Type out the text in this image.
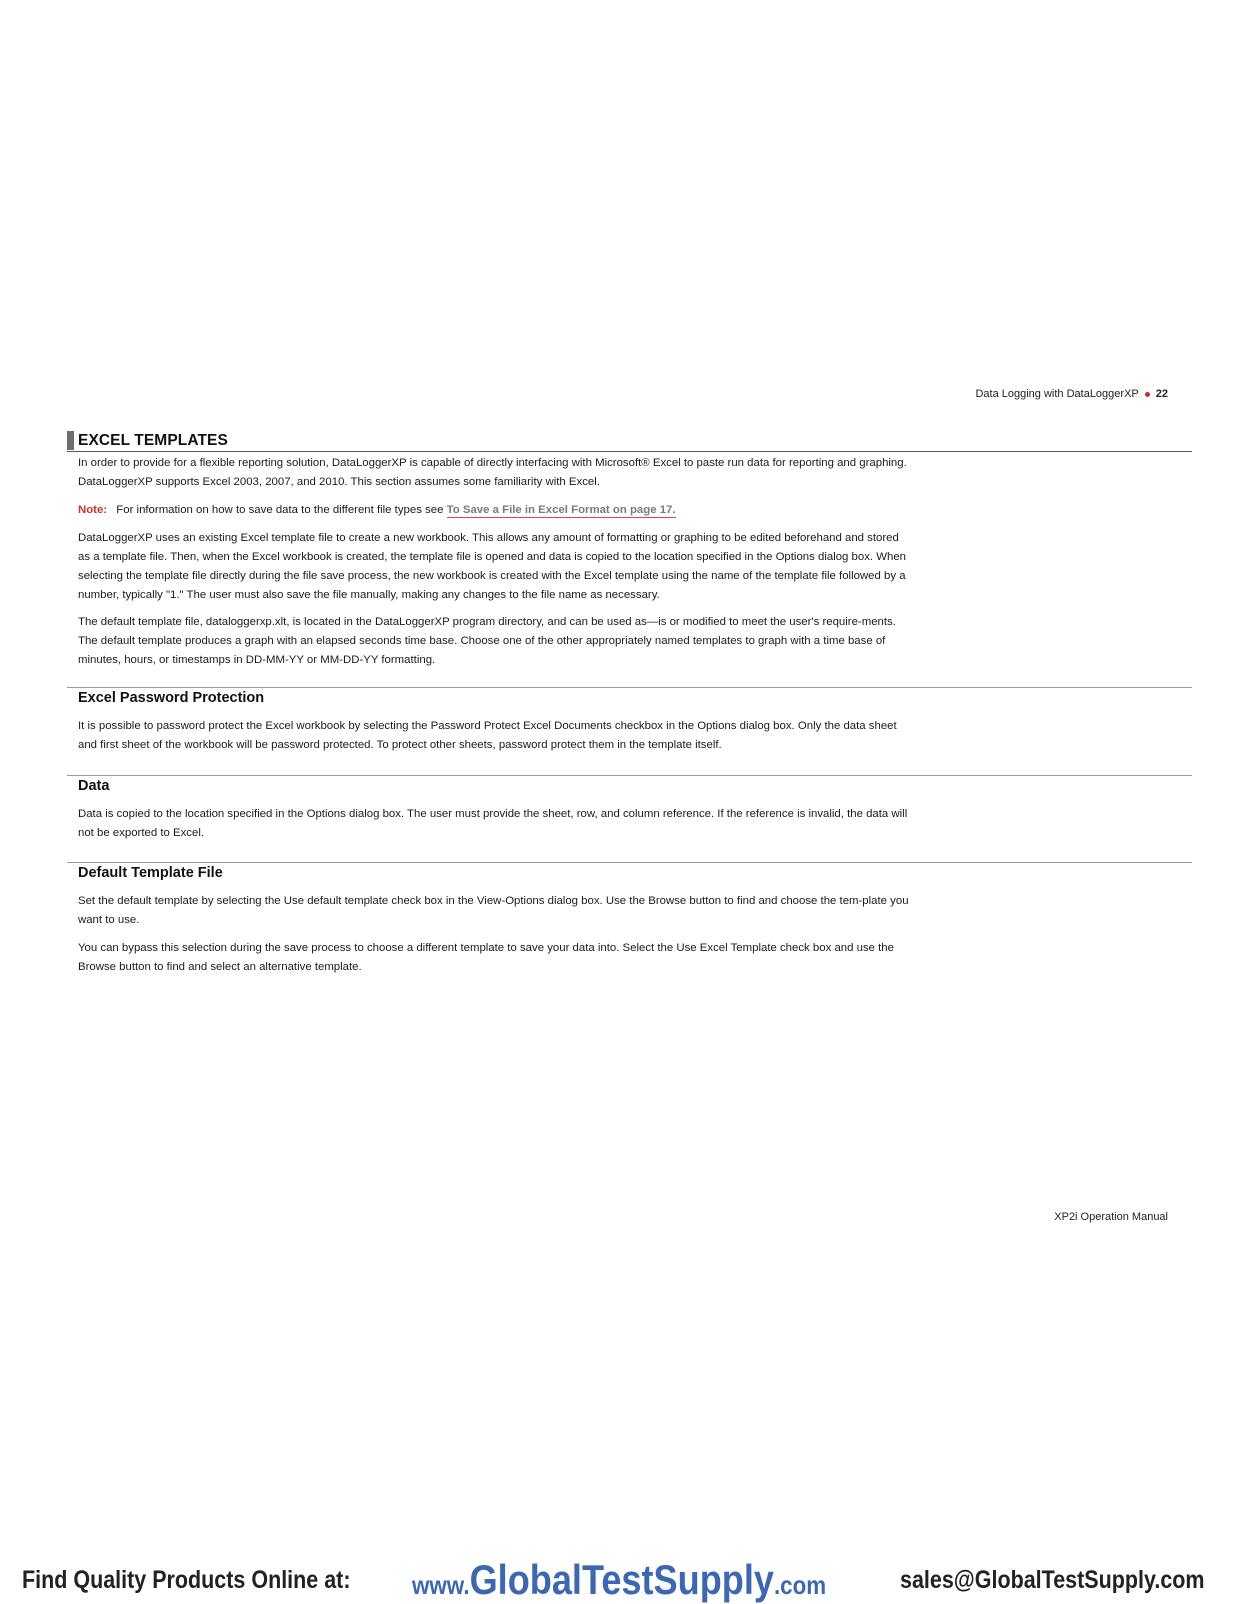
Data Logging with DataLoggerXP 22
EXCEL TEMPLATES

In order to provide for a flexible reporting solution, DataLoggerXP is capable of directly interfacing with Microsoft® Excel to paste run data for reporting and graphing. DataLoggerXP supports Excel 2003, 2007, and 2010. This section assumes some familiarity with Excel.

Note: For information on how to save data to the different file types see To Save a File in Excel Format on page 17.

DataLoggerXP uses an existing Excel template file to create a new workbook. This allows any amount of formatting or graphing to be edited beforehand and stored as a template file. Then, when the Excel workbook is created, the template file is opened and data is copied to the location specified in the Options dialog box. When selecting the template file directly during the file save process, the new workbook is created with the Excel template using the name of the template file followed by a number, typically "1." The user must also save the file manually, making any changes to the file name as necessary.

The default template file, dataloggerxp.xlt, is located in the DataLoggerXP program directory, and can be used as—is or modified to meet the user's require-ments. The default template produces a graph with an elapsed seconds time base. Choose one of the other appropriately named templates to graph with a time base of minutes, hours, or timestamps in DD-MM-YY or MM-DD-YY formatting.

Excel Password Protection

It is possible to password protect the Excel workbook by selecting the Password Protect Excel Documents checkbox in the Options dialog box. Only the data sheet and first sheet of the workbook will be password protected. To protect other sheets, password protect them in the template itself.

Data

Data is copied to the location specified in the Options dialog box. The user must provide the sheet, row, and column reference. If the reference is invalid, the data will not be exported to Excel.

Default Template File

Set the default template by selecting the Use default template check box in the View-Options dialog box. Use the Browse button to find and choose the tem-plate you want to use.

You can bypass this selection during the save process to choose a different template to save your data into. Select the Use Excel Template check box and use the Browse button to find and select an alternative template.

XP2i Operation Manual
Find Quality Products Online at: www.GlobalTestSupply.com	sales@GlobalTestSupply.com
